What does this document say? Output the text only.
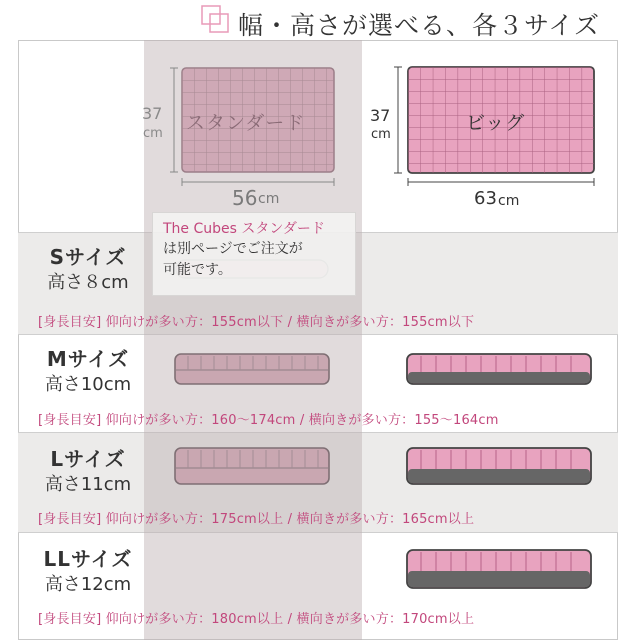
幅・高さが選べる、各３サイズ
スタンダード
37
cm
56 cm
ビッグ
37
cm
63 cm
Sサイズ
高さ８cm
[身長目安] 仰向けが多い方：155cm以下 / 横向きが多い方：155cm以下
Mサイズ
高さ10cm
[身長目安] 仰向けが多い方：160〜174cm / 横向きが多い方：155〜164cm
Lサイズ
高さ11cm
[身長目安] 仰向けが多い方：175cm以上 / 横向きが多い方：165cm以上
LLサイズ
高さ12cm
[身長目安] 仰向けが多い方：180cm以上 / 横向きが多い方：170cm以上
The Cubes スタンダード
は別ページでご注文が
可能です。
